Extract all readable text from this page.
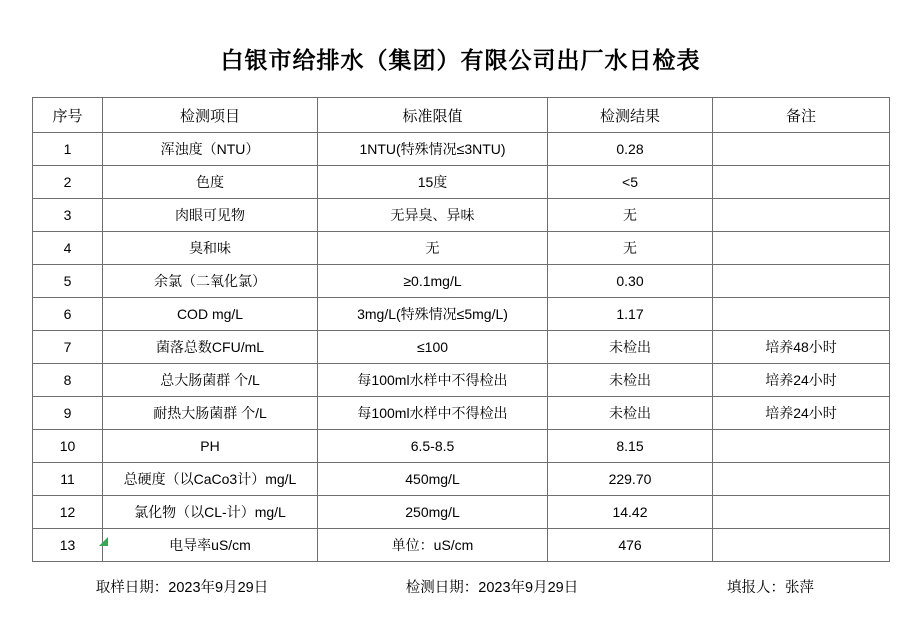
白银市给排水（集团）有限公司出厂水日检表
序号	检测项目	标准限值	检测结果	备注
1	浑浊度（NTU）	1NTU(特殊情况≤3NTU)	0.28	
2	色度	15度	<5	
3	肉眼可见物	无异臭、异味	无	
4	臭和味	无	无	
5	余氯（二氧化氯）	≥0.1mg/L	0.30	
6	COD mg/L	3mg/L(特殊情况≤5mg/L)	1.17	
7	菌落总数CFU/mL	≤100	未检出	培养48小时
8	总大肠菌群 个/L	每100ml水样中不得检出	未检出	培养24小时
9	耐热大肠菌群 个/L	每100ml水样中不得检出	未检出	培养24小时
10	PH	6.5-8.5	8.15	
11	总硬度（以CaCo3计）mg/L	450mg/L	229.70	
12	氯化物（以CL-计）mg/L	250mg/L	14.42	
13	电导率uS/cm	单位：uS/cm	476	
取样日期：2023年9月29日	检测日期：2023年9月29日	填报人：张萍
